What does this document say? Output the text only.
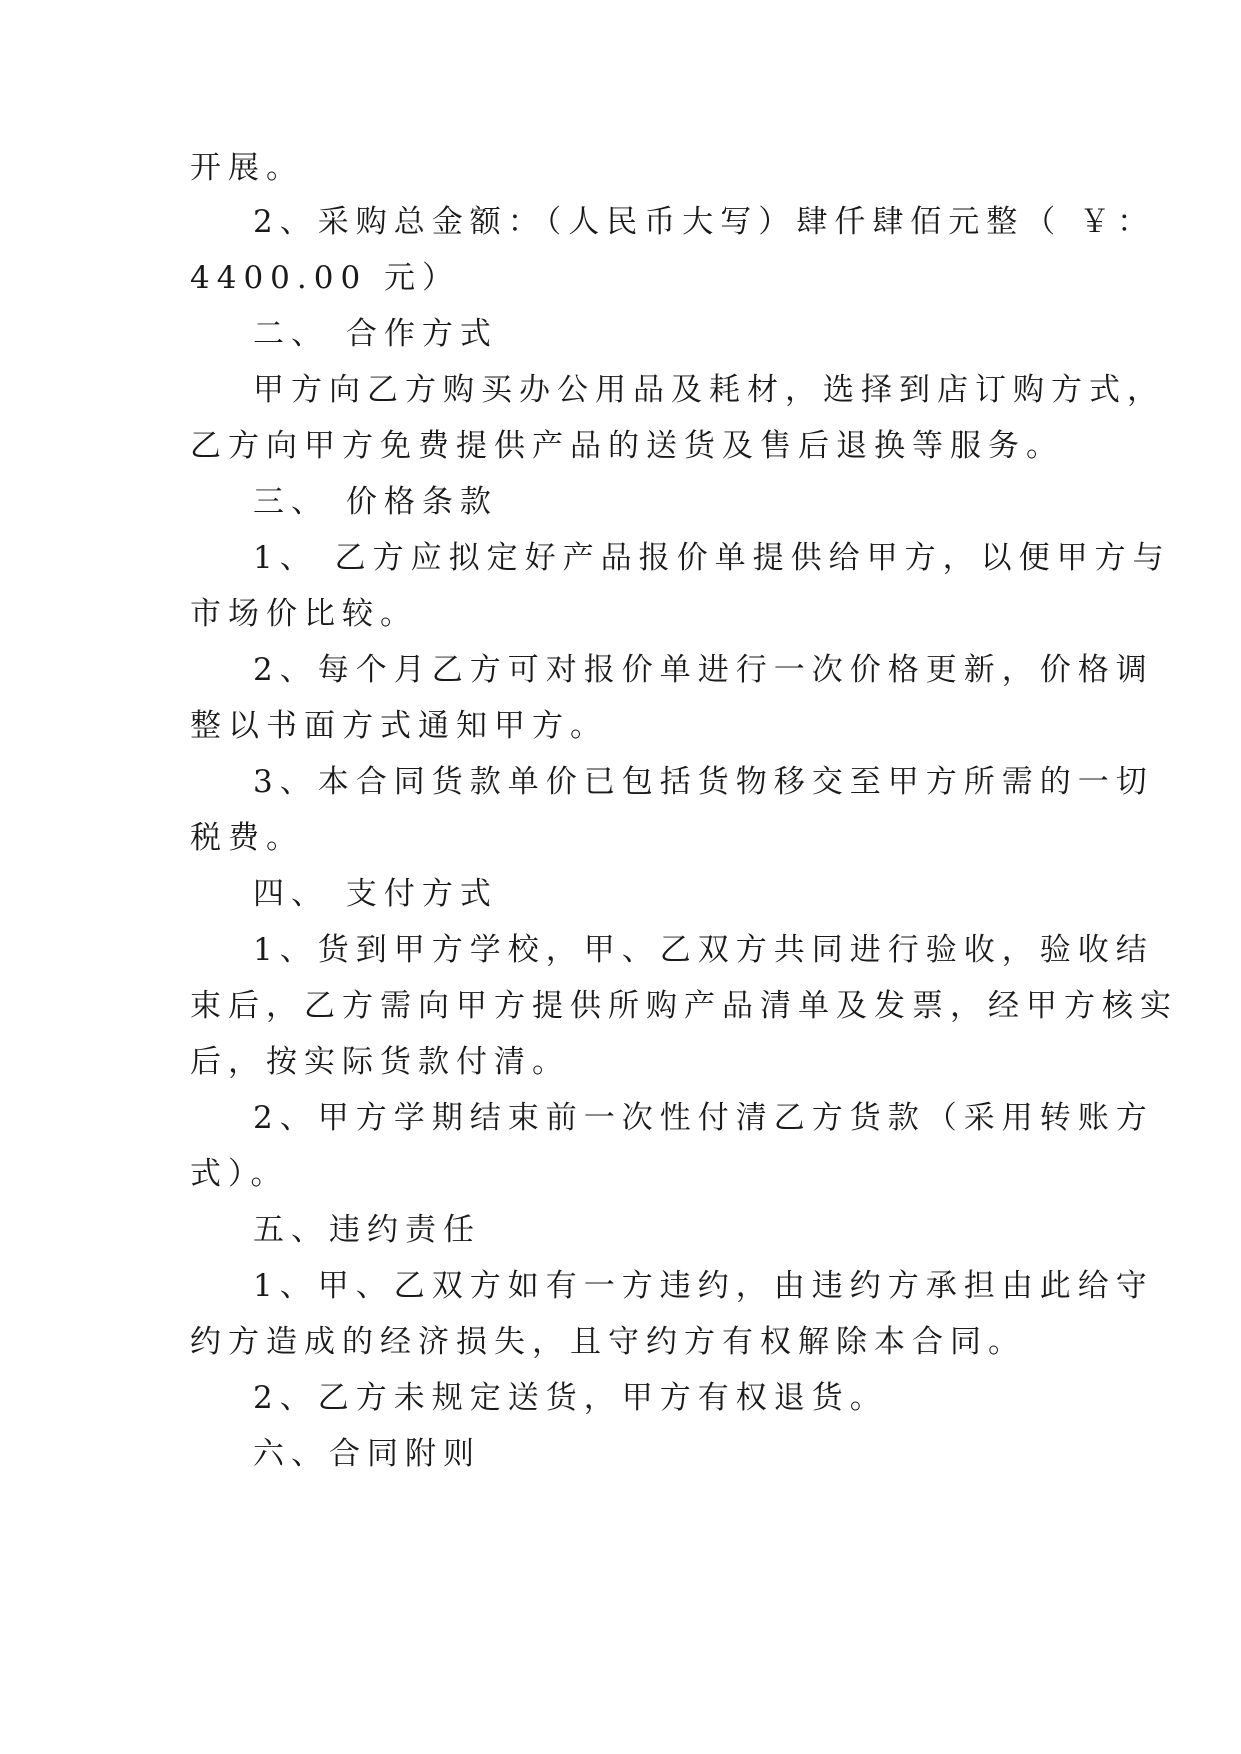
开展。
2、采购总金额：（人民币大写）肆仟肆佰元整（ ￥：
4400.00 元）
二、 合作方式
甲方向乙方购买办公用品及耗材，选择到店订购方式，
乙方向甲方免费提供产品的送货及售后退换等服务。
三、 价格条款
1、 乙方应拟定好产品报价单提供给甲方，以便甲方与
市场价比较。
2、每个月乙方可对报价单进行一次价格更新，价格调
整以书面方式通知甲方。
3、本合同货款单价已包括货物移交至甲方所需的一切
税费。
四、 支付方式
1、货到甲方学校，甲、乙双方共同进行验收，验收结
束后，乙方需向甲方提供所购产品清单及发票，经甲方核实
后，按实际货款付清。
2、甲方学期结束前一次性付清乙方货款（采用转账方
式）。
五、违约责任
1、甲、乙双方如有一方违约，由违约方承担由此给守
约方造成的经济损失，且守约方有权解除本合同。
2、乙方未规定送货，甲方有权退货。
六、合同附则
